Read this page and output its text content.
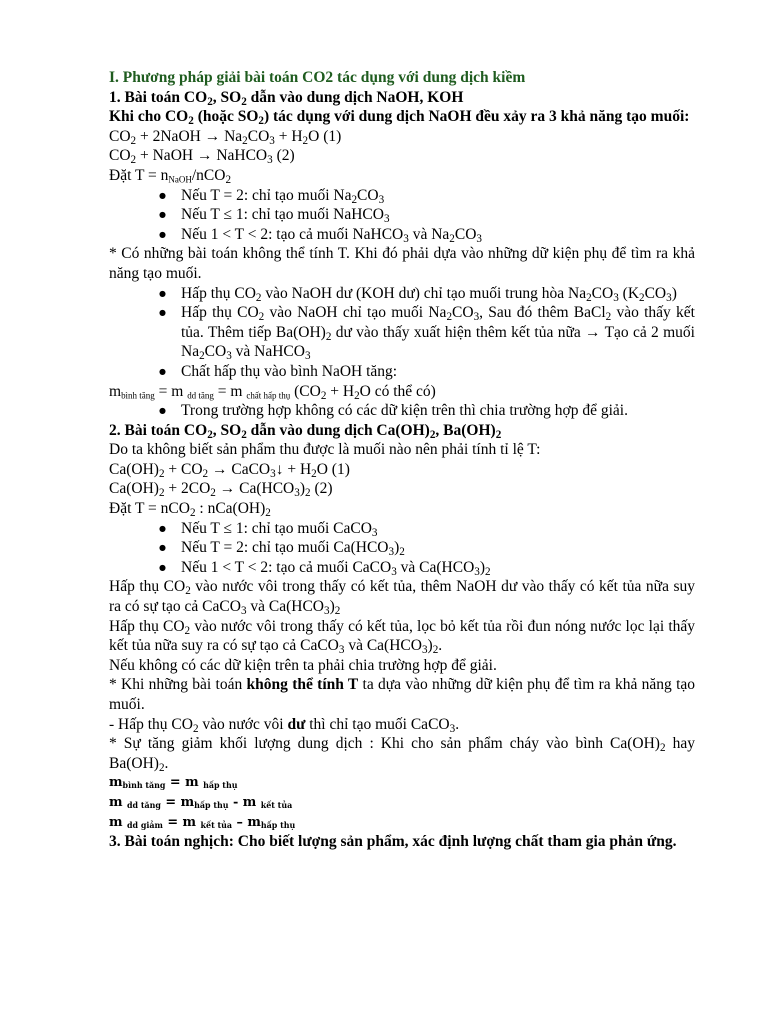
I. Phương pháp giải bài toán CO2 tác dụng với dung dịch kiềm

1. Bài toán $CO_2$, $SO_2$ dẫn vào dung dịch NaOH, KOH

Khi cho $CO_2$ (hoặc $SO_2$) tác dụng với dung dịch NaOH đều xảy ra 3 khả năng tạo muối:

$CO_2$ + 2NaOH → $Na_2CO_3 + H_2O$ (1)

$CO_2$ + NaOH → NaHCO$_3$ (2)

Đặt $T = n_{NaOH}/nCO_2$

● Nếu T = 2: chỉ tạo muối $Na_2CO_3$
● Nếu T ≤ 1: chỉ tạo muối NaHCO$_3$
● Nếu 1 < T < 2: tạo cả muối NaHCO$_3$ và $Na_2CO_3$

* Có những bài toán không thể tính T. Khi đó phải dựa vào những dữ kiện phụ để tìm ra khả năng tạo muối.

● Hấp thụ $CO_2$ vào NaOH dư (KOH dư) chỉ tạo muối trung hòa $Na_2CO_3$ $(K_2CO_3)$
● Hấp thụ $CO_2$ vào NaOH chỉ tạo muối $Na_2CO_3$, Sau đó thêm BaCl$_2$ vào thấy kết tủa. Thêm tiếp $Ba(OH)_2$ dư vào thấy xuất hiện thêm kết tủa nữa → Tạo cả 2 muối $Na_2CO_3$ và NaHCO$_3$
● Chất hấp thụ vào bình NaOH tăng:

$m_{bình tăng} = m$ $_{dd tăng}$ = m $_{chất hấp thụ}$ ($CO_2 + H_2O$ có thể có)

● Trong trường hợp không có các dữ kiện trên thì chia trường hợp để giải.

2. Bài toán $CO_2$, $SO_2$ dẫn vào dung dịch $Ca(OH)_2$, $Ba(OH)_2$

Do ta không biết sản phẩm thu được là muối nào nên phải tính tỉ lệ T:

$Ca(OH)_2 + CO_2$ → CaCO$_3$↓ + $H_2O$ (1)

$Ca(OH)_2 + 2CO_2 \to Ca(HCO_3)_2$ (2)

Đặt T = nCO$_2$ : $nCa(OH)_2$

● Nếu T ≤ 1: chỉ tạo muối CaCO$_3$
● Nếu T = 2: chỉ tạo muối $Ca(HCO_3)_2$
● Nếu 1 < T < 2: tạo cả muối CaCO$_3$ và $Ca(HCO_3)_2$

Hấp thụ $CO_2$ vào nước vôi trong thấy có kết tủa, thêm NaOH dư vào thấy có kết tủa nữa suy ra có sự tạo cả CaCO$_3$ và $Ca(HCO_3)_2$

Hấp thụ $CO_2$ vào nước vôi trong thấy có kết tủa, lọc bỏ kết tủa rồi đun nóng nước lọc lại thấy kết tủa nữa suy ra có sự tạo cả CaCO$_3$ và $Ca(HCO_3)_2$.

Nếu không có các dữ kiện trên ta phải chia trường hợp để giải.

* Khi những bài toán không thể tính T ta dựa vào những dữ kiện phụ để tìm ra khả năng tạo muối.

- Hấp thụ $CO_2$ vào nước vôi dư thì chỉ tạo muối CaCO$_3$.

* Sự tăng giảm khối lượng dung dịch : Khi cho sản phẩm cháy vào bình $Ca(OH)_2$ hay $Ba(OH)_2$.

$m_{bình tăng} = m$ $_{hấp thụ}$

m $_{dd tăng} = m_{hấp thụ} - m$ $_{kết tủa}$

m $_{dd giảm}$ = m $_{kết tủa} - m_{hấp thụ}$

3. Bài toán nghịch: Cho biết lượng sản phẩm, xác định lượng chất tham gia phản ứng.
